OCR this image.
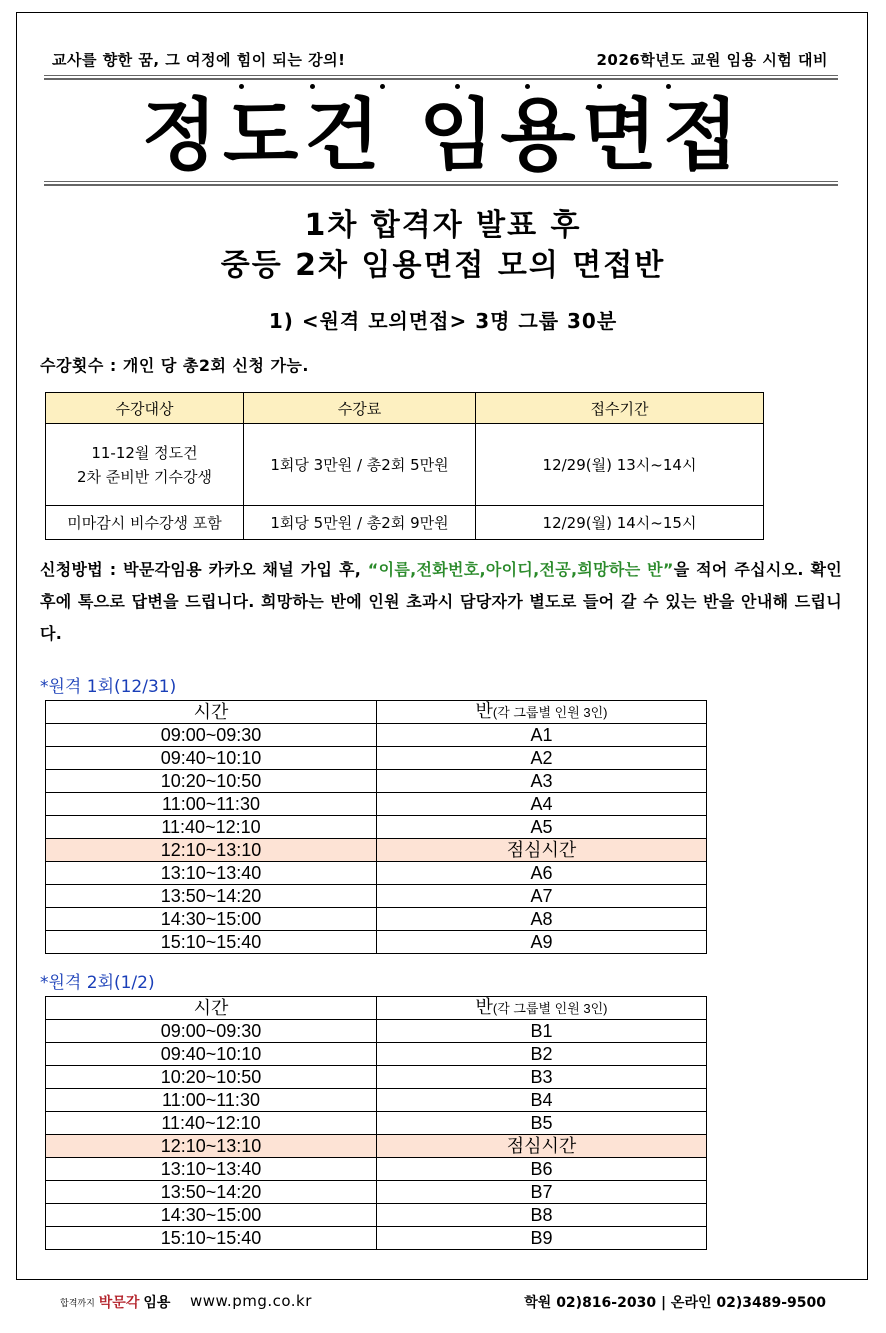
교사를 향한 꿈, 그 여정에 힘이 되는 강의!	2026학년도 교원 임용 시험 대비
정도건 임용면접
1차 합격자 발표 후
중등 2차 임용면접 모의 면접반
1) <원격 모의면접> 3명 그룹 30분
수강횟수 : 개인 당 총2회 신청 가능.
수강대상	수강료	접수기간

11-12월 정도건
2차 준비반 기수강생	1회당 3만원 / 총2회 5만원	12/29(월) 13시~14시
미마감시 비수강생 포함	1회당 5만원 / 총2회 9만원	12/29(월) 14시~15시
신청방법 : 박문각임용 카카오 채널 가입 후, “이름,전화번호,아이디,전공,희망하는 반”을 적어 주십시오. 확인 후에 톡으로 답변을 드립니다. 희망하는 반에 인원 초과시 담당자가 별도로 들어 갈 수 있는 반을 안내해 드립니다.
*원격 1회(12/31)
시간	반(각 그룹별 인원 3인)
09:00~09:30	A1
09:40~10:10	A2
10:20~10:50	A3
11:00~11:30	A4
11:40~12:10	A5
12:10~13:10	점심시간
13:10~13:40	A6
13:50~14:20	A7
14:30~15:00	A8
15:10~15:40	A9
*원격 2회(1/2)
시간	반(각 그룹별 인원 3인)
09:00~09:30	B1
09:40~10:10	B2
10:20~10:50	B3
11:00~11:30	B4
11:40~12:10	B5
12:10~13:10	점심시간
13:10~13:40	B6
13:50~14:20	B7
14:30~15:00	B8
15:10~15:40	B9
합격까지 박문각 임용 www.pmg.co.kr	학원 02)816-2030 | 온라인 02)3489-9500
